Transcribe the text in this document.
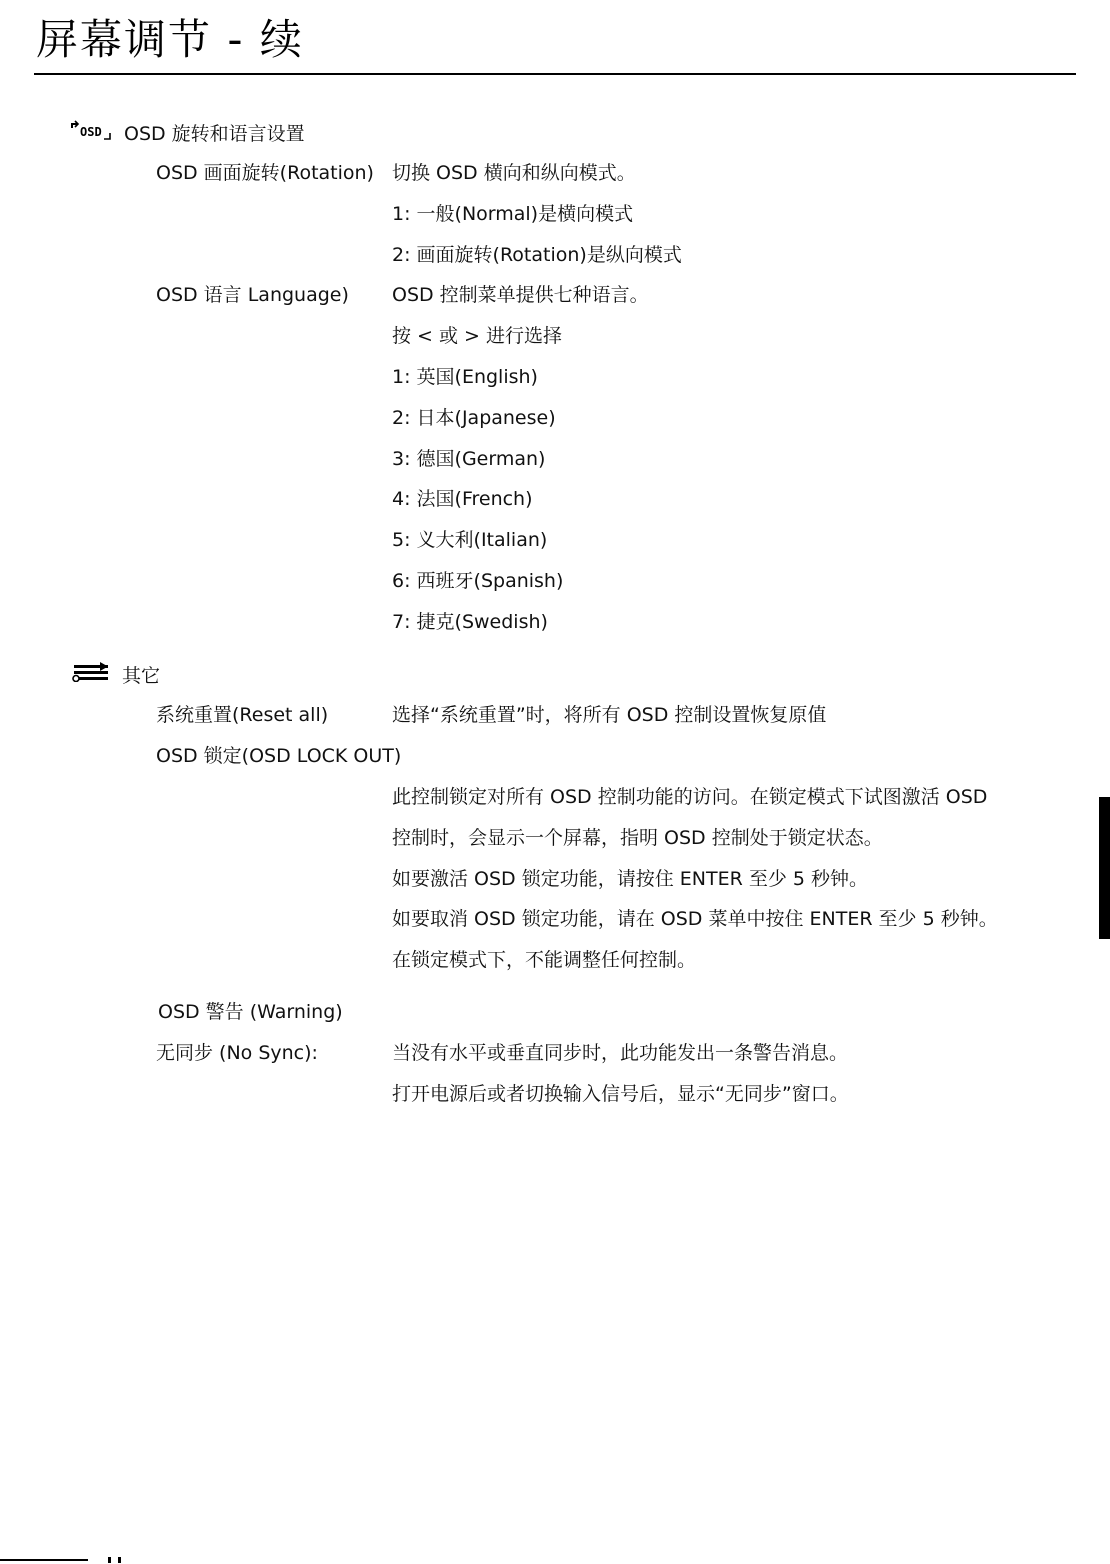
屏幕调节 - 续
OSD OSD 旋转和语言设置
OSD 画面旋转(Rotation) 切换 OSD 横向和纵向模式。
1: 一般(Normal)是横向模式
2: 画面旋转(Rotation)是纵向模式
OSD 语言 Language) OSD 控制菜单提供七种语言。
按 < 或 > 进行选择
1: 英国(English)
2: 日本(Japanese)
3: 德国(German)
4: 法国(French)
5: 义大利(Italian)
6: 西班牙(Spanish)
7: 捷克(Swedish)
其它
系统重置(Reset all)	选择“系统重置”时，将所有 OSD 控制设置恢复原值
OSD 锁定(OSD LOCK OUT)
此控制锁定对所有 OSD 控制功能的访问。在锁定模式下试图激活 OSD
控制时，会显示一个屏幕，指明 OSD 控制处于锁定状态。
如要激活 OSD 锁定功能，请按住 ENTER 至少 5 秒钟。
如要取消 OSD 锁定功能，请在 OSD 菜单中按住 ENTER 至少 5 秒钟。
在锁定模式下，不能调整任何控制。
OSD 警告 (Warning)
无同步 (No Sync):	当没有水平或垂直同步时，此功能发出一条警告消息。
打开电源后或者切换输入信号后，显示“无同步”窗口。
